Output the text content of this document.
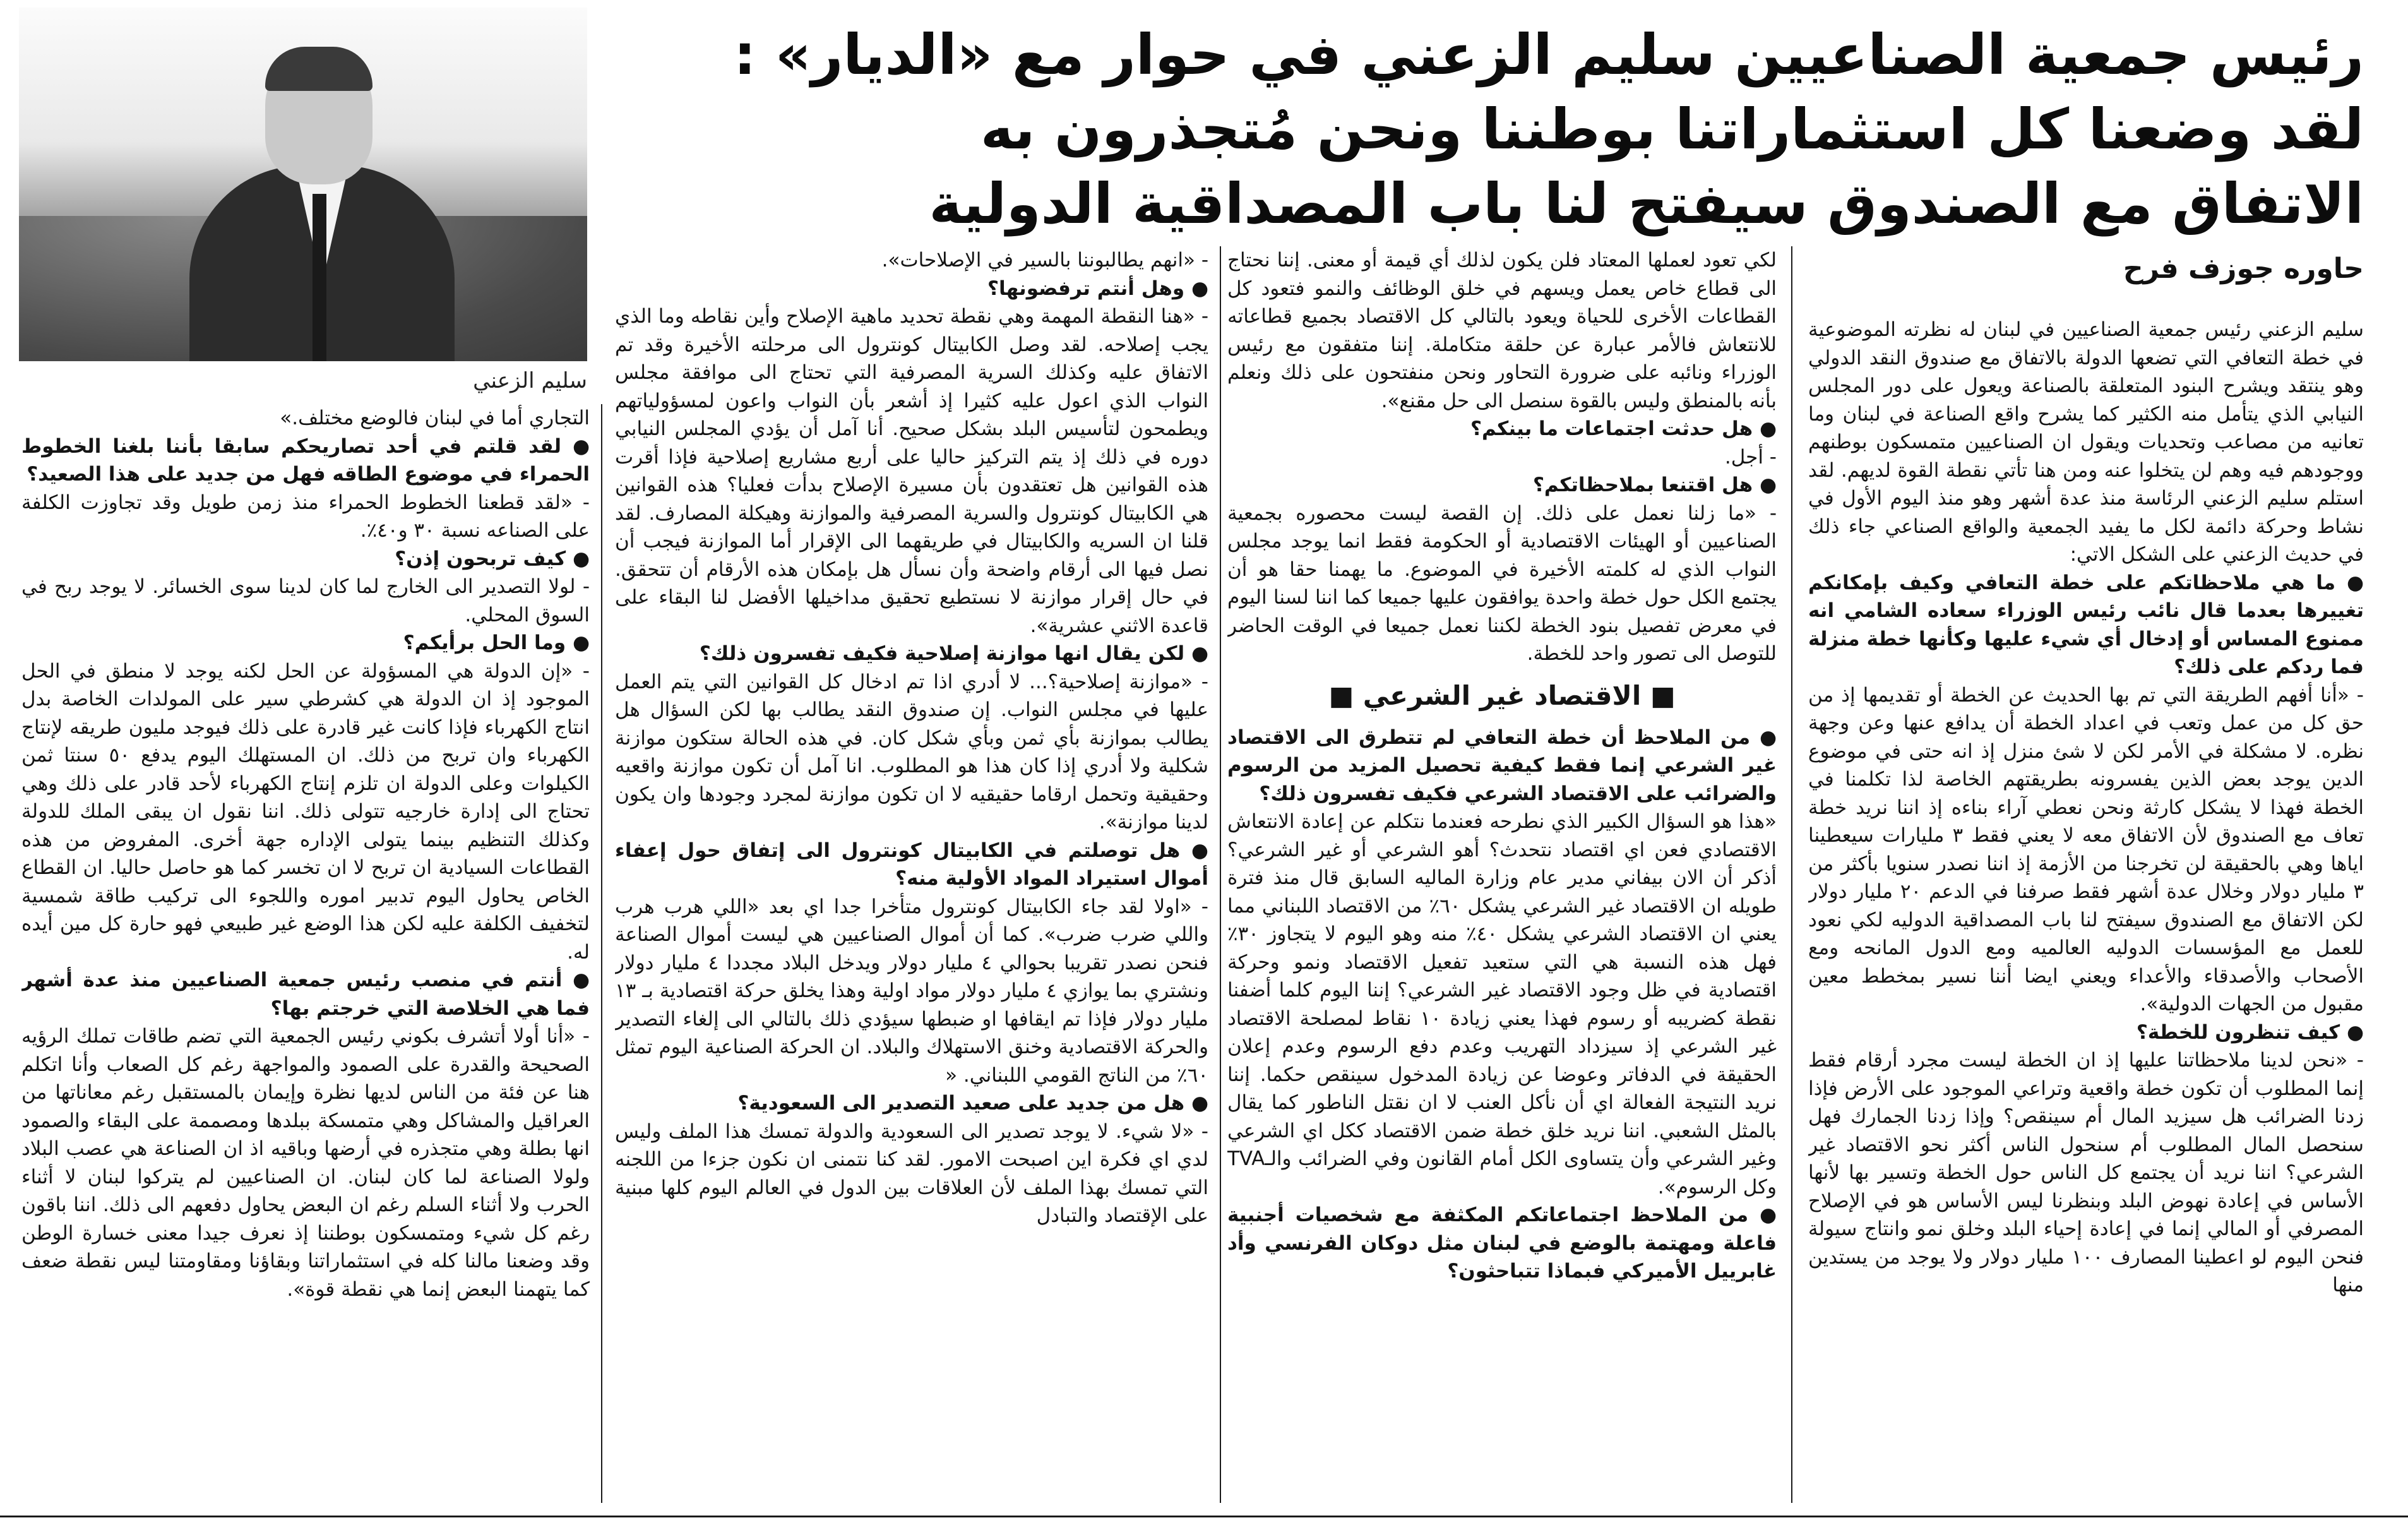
رئيس جمعية الصناعيين سليم الزعني في حوار مع «الديار» :
لقد وضعنا كل استثماراتنا بوطننا ونحن مُتجذرون به
الاتفاق مع الصندوق سيفتح لنا باب المصداقية الدولية
سليم الزعني
حاوره جوزف فرح

سليم الزعني رئيس جمعية الصناعيين في لبنان له نظرته الموضوعية في خطة التعافي التي تضعها الدولة بالاتفاق مع صندوق النقد الدولي وهو ينتقد ويشرح البنود المتعلقة بالصناعة ويعول على دور المجلس النيابي الذي يتأمل منه الكثير كما يشرح واقع الصناعة في لبنان وما تعانيه من مصاعب وتحديات ويقول ان الصناعيين متمسكون بوطنهم ووجودهم فيه وهم لن يتخلوا عنه ومن هنا تأتي نقطة القوة لديهم. لقد استلم سليم الزعني الرئاسة منذ عدة أشهر وهو منذ اليوم الأول في نشاط وحركة دائمة لكل ما يفيد الجمعية والواقع الصناعي جاء ذلك في حديث الزعني على الشكل الاتي:

● ما هي ملاحظاتكم على خطة التعافي وكيف بإمكانكم تغييرها بعدما قال نائب رئيس الوزراء سعاده الشامي انه ممنوع المساس أو إدخال أي شيء عليها وكأنها خطة منزلة فما ردكم على ذلك؟

- «أنا أفهم الطريقة التي تم بها الحديث عن الخطة أو تقديمها إذ من حق كل من عمل وتعب في اعداد الخطة أن يدافع عنها وعن وجهة نظره. لا مشكلة في الأمر لكن لا شئ منزل إذ انه حتى في موضوع الدين يوجد بعض الذين يفسرونه بطريقتهم الخاصة لذا تكلمنا في الخطة فهذا لا يشكل كارثة ونحن نعطي آراء بناءه إذ اننا نريد خطة تعاف مع الصندوق لأن الاتفاق معه لا يعني فقط ٣ مليارات سيعطينا اياها وهي بالحقيقة لن تخرجنا من الأزمة إذ اننا نصدر سنويا بأكثر من ٣ مليار دولار وخلال عدة أشهر فقط صرفنا في الدعم ٢٠ مليار دولار لكن الاتفاق مع الصندوق سيفتح لنا باب المصداقية الدوليه لكي نعود للعمل مع المؤسسات الدوليه العالميه ومع الدول المانحه ومع الأصحاب والأصدقاء والأعداء ويعني ايضا أننا نسير بمخطط معين مقبول من الجهات الدولية».

● كيف تنظرون للخطة؟

- «نحن لدينا ملاحظاتنا عليها إذ ان الخطة ليست مجرد أرقام فقط إنما المطلوب أن تكون خطة واقعية وتراعي الموجود على الأرض فإذا زدنا الضرائب هل سيزيد المال أم سينقص؟ وإذا زدنا الجمارك فهل سنحصل المال المطلوب أم سنحول الناس أكثر نحو الاقتصاد غير الشرعي؟ اننا نريد أن يجتمع كل الناس حول الخطة وتسير بها لأنها الأساس في إعادة نهوض البلد وبنظرنا ليس الأساس هو في الإصلاح المصرفي أو المالي إنما في إعادة إحياء البلد وخلق نمو وانتاج سيولة فنحن اليوم لو اعطينا المصارف ١٠٠ مليار دولار ولا يوجد من يستدين منها

لكي تعود لعملها المعتاد فلن يكون لذلك أي قيمة أو معنى. إننا نحتاج الى قطاع خاص يعمل ويسهم في خلق الوظائف والنمو فتعود كل القطاعات الأخرى للحياة ويعود بالتالي كل الاقتصاد بجميع قطاعاته للانتعاش فالأمر عبارة عن حلقة متكاملة. إننا متفقون مع رئيس الوزراء ونائبه على ضرورة التحاور ونحن منفتحون على ذلك ونعلم بأنه بالمنطق وليس بالقوة سنصل الى حل مقنع».

● هل حدثت اجتماعات ما بينكم؟

- أجل.

● هل اقتنعا بملاحظاتكم؟

- «ما زلنا نعمل على ذلك. إن القصة ليست محصوره بجمعية الصناعيين أو الهيئات الاقتصادية أو الحكومة فقط انما يوجد مجلس النواب الذي له كلمته الأخيرة في الموضوع. ما يهمنا حقا هو أن يجتمع الكل حول خطة واحدة يوافقون عليها جميعا كما اننا لسنا اليوم في معرض تفصيل بنود الخطة لكننا نعمل جميعا في الوقت الحاضر للتوصل الى تصور واحد للخطة.

■ الاقتصاد غير الشرعي ■

● من الملاحظ أن خطة التعافي لم تتطرق الى الاقتصاد غير الشرعي إنما فقط كيفية تحصيل المزيد من الرسوم والضرائب على الاقتصاد الشرعي فكيف تفسرون ذلك؟

«هذا هو السؤال الكبير الذي نطرحه فعندما نتكلم عن إعادة الانتعاش الاقتصادي فعن اي اقتصاد نتحدث؟ أهو الشرعي أو غير الشرعي؟ أذكر أن الان بيفاني مدير عام وزارة الماليه السابق قال منذ فترة طويله ان الاقتصاد غير الشرعي يشكل ٦٠٪ من الاقتصاد اللبناني مما يعني ان الاقتصاد الشرعي يشكل ٤٠٪ منه وهو اليوم لا يتجاوز ٣٠٪ فهل هذه النسبة هي التي ستعيد تفعيل الاقتصاد ونمو وحركة اقتصادية في ظل وجود الاقتصاد غير الشرعي؟ إننا اليوم كلما أضفنا نقطة كضريبه أو رسوم فهذا يعني زيادة ١٠ نقاط لمصلحة الاقتصاد غير الشرعي إذ سيزداد التهريب وعدم دفع الرسوم وعدم إعلان الحقيقة في الدفاتر وعوضا عن زيادة المدخول سينقص حكما. إننا نريد النتيجة الفعالة اي أن نأكل العنب لا ان نقتل الناطور كما يقال بالمثل الشعبي. اننا نريد خلق خطة ضمن الاقتصاد ككل اي الشرعي وغير الشرعي وأن يتساوى الكل أمام القانون وفي الضرائب والـTVA وكل الرسوم».

● من الملاحظ اجتماعاتكم المكثفة مع شخصيات أجنبية فاعلة ومهتمة بالوضع في لبنان مثل دوكان الفرنسي وأد غابرييل الأميركي فبماذا تتباحثون؟

- «انهم يطالبوننا بالسير في الإصلاحات».

● وهل أنتم ترفضونها؟

- «هنا النقطة المهمة وهي نقطة تحديد ماهية الإصلاح وأين نقاطه وما الذي يجب إصلاحه. لقد وصل الكابيتال كونترول الى مرحلته الأخيرة وقد تم الاتفاق عليه وكذلك السرية المصرفية التي تحتاج الى موافقة مجلس النواب الذي اعول عليه كثيرا إذ أشعر بأن النواب واعون لمسؤولياتهم ويطمحون لتأسيس البلد بشكل صحيح. أنا آمل أن يؤدي المجلس النيابي دوره في ذلك إذ يتم التركيز حاليا على أربع مشاريع إصلاحية فإذا أقرت هذه القوانين هل تعتقدون بأن مسيرة الإصلاح بدأت فعليا؟ هذه القوانين هي الكابيتال كونترول والسرية المصرفية والموازنة وهيكلة المصارف. لقد قلنا ان السريه والكابيتال في طريقهما الى الإقرار أما الموازنة فيجب أن نصل فيها الى أرقام واضحة وأن نسأل هل بإمكان هذه الأرقام أن تتحقق. في حال إقرار موازنة لا نستطيع تحقيق مداخيلها الأفضل لنا البقاء على قاعدة الاثني عشرية».

● لكن يقال انها موازنة إصلاحية فكيف تفسرون ذلك؟

- «موازنة إصلاحية؟... لا أدري اذا تم ادخال كل القوانين التي يتم العمل عليها في مجلس النواب. إن صندوق النقد يطالب بها لكن السؤال هل يطالب بموازنة بأي ثمن وبأي شكل كان. في هذه الحالة ستكون موازنة شكلية ولا أدري إذا كان هذا هو المطلوب. انا آمل أن تكون موازنة واقعيه وحقيقية وتحمل ارقاما حقيقيه لا ان تكون موازنة لمجرد وجودها وان يكون لدينا موازنة».

● هل توصلتم في الكابيتال كونترول الى إتفاق حول إعفاء أموال استيراد المواد الأولية منه؟

- «اولا لقد جاء الكابيتال كونترول متأخرا جدا اي بعد «اللي هرب هرب واللي ضرب ضرب». كما أن أموال الصناعيين هي ليست أموال الصناعة فنحن نصدر تقريبا بحوالي ٤ مليار دولار ويدخل البلاد مجددا ٤ مليار دولار ونشتري بما يوازي ٤ مليار دولار مواد اولية وهذا يخلق حركة اقتصادية بـ ١٣ مليار دولار فإذا تم ايقافها او ضبطها سيؤدي ذلك بالتالي الى إلغاء التصدير والحركة الاقتصادية وخنق الاستهلاك والبلاد. ان الحركة الصناعية اليوم تمثل ٦٠٪ من الناتج القومي اللبناني. «

● هل من جديد على صعيد التصدير الى السعودية؟

- «لا شيء. لا يوجد تصدير الى السعودية والدولة تمسك هذا الملف وليس لدي اي فكرة اين اصبحت الامور. لقد كنا نتمنى ان نكون جزءا من اللجنه التي تمسك بهذا الملف لأن العلاقات بين الدول في العالم اليوم كلها مبنية على الإقتصاد والتبادل

التجاري أما في لبنان فالوضع مختلف.»

● لقد قلتم في أحد تصاريحكم سابقا بأننا بلغنا الخطوط الحمراء في موضوع الطاقه فهل من جديد على هذا الصعيد؟

- «لقد قطعنا الخطوط الحمراء منذ زمن طويل وقد تجاوزت الكلفة على الصناعه نسبة ٣٠ و٤٠٪.

● كيف تربحون إذن؟

- لولا التصدير الى الخارج لما كان لدينا سوى الخسائر. لا يوجد ربح في السوق المحلي.

● وما الحل برأيكم؟

- «إن الدولة هي المسؤولة عن الحل لكنه يوجد لا منطق في الحل الموجود إذ ان الدولة هي كشرطي سير على المولدات الخاصة بدل انتاج الكهرباء فإذا كانت غير قادرة على ذلك فيوجد مليون طريقه لإنتاج الكهرباء وان تربح من ذلك. ان المستهلك اليوم يدفع ٥٠ سنتا ثمن الكيلوات وعلى الدولة ان تلزم إنتاج الكهرباء لأحد قادر على ذلك وهي تحتاج الى إدارة خارجيه تتولى ذلك. اننا نقول ان يبقى الملك للدولة وكذلك التنظيم بينما يتولى الإداره جهة أخرى. المفروض من هذه القطاعات السيادية ان تربح لا ان تخسر كما هو حاصل حاليا. ان القطاع الخاص يحاول اليوم تدبير اموره واللجوء الى تركيب طاقة شمسية لتخفيف الكلفة عليه لكن هذا الوضع غير طبيعي فهو حارة كل مين أيده له.

● أنتم في منصب رئيس جمعية الصناعيين منذ عدة أشهر فما هي الخلاصة التي خرجتم بها؟

- «أنا أولا أتشرف بكوني رئيس الجمعية التي تضم طاقات تملك الرؤيه الصحيحة والقدرة على الصمود والمواجهة رغم كل الصعاب وأنا اتكلم هنا عن فئة من الناس لديها نظرة وإيمان بالمستقبل رغم معاناتها من العراقيل والمشاكل وهي متمسكة ببلدها ومصممة على البقاء والصمود انها بطلة وهي متجذره في أرضها وباقيه اذ ان الصناعة هي عصب البلاد ولولا الصناعة لما كان لبنان. ان الصناعيين لم يتركوا لبنان لا أثناء الحرب ولا أثناء السلم رغم ان البعض يحاول دفعهم الى ذلك. اننا باقون رغم كل شيء ومتمسكون بوطننا إذ نعرف جيدا معنى خسارة الوطن وقد وضعنا مالنا كله في استثماراتنا وبقاؤنا ومقاومتنا ليس نقطة ضعف كما يتهمنا البعض إنما هي نقطة قوة».
